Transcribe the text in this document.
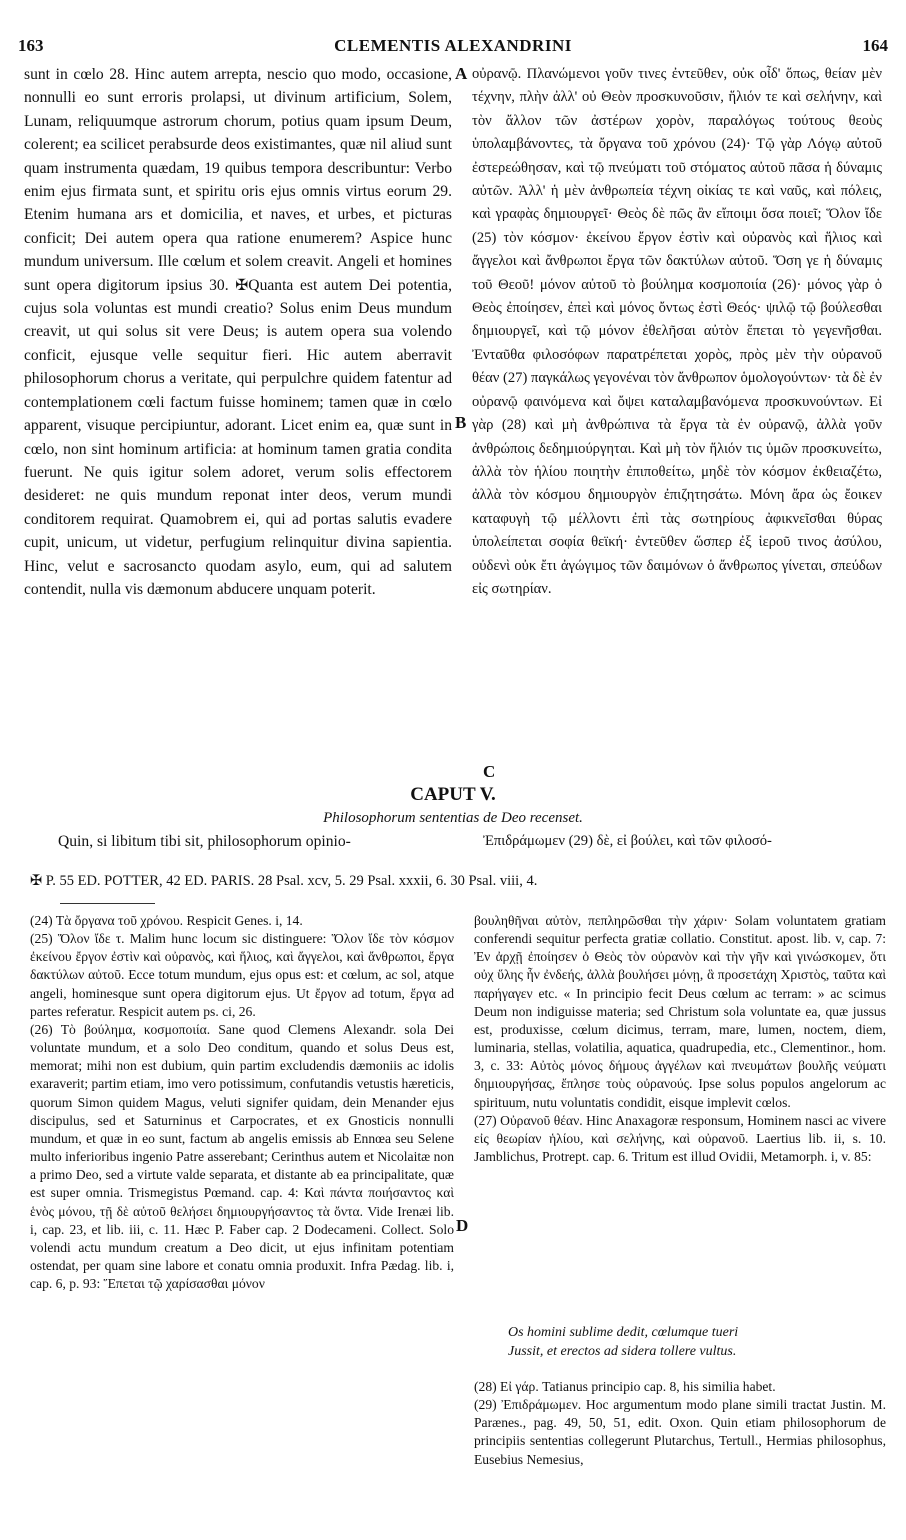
163	CLEMENTIS ALEXANDRINI	164
sunt in cœlo 28. Hinc autem arrepta, nescio quo modo, occasione, nonnulli eo sunt erroris prolapsi, ut divinum artificium, Solem, Lunam, reliquumque astrorum chorum, potius quam ipsum Deum, colerent; ea scilicet perabsurde deos existimantes, quæ nil aliud sunt quam instrumenta quædam, 19 quibus tempora describuntur: Verbo enim ejus firmata sunt, et spiritu oris ejus omnis virtus eorum 29. Etenim humana ars et domicilia, et naves, et urbes, et picturas conficit; Dei autem opera qua ratione enumerem? Aspice hunc mundum universum. Ille cœlum et solem creavit. Angeli et homines sunt opera digitorum ipsius 30. ✠Quanta est autem Dei potentia, cujus sola voluntas est mundi creatio? Solus enim Deus mundum creavit, ut qui solus sit vere Deus; is autem opera sua volendo conficit, ejusque velle sequitur fieri. Hic autem aberravit philosophorum chorus a veritate, qui perpulchre quidem fatentur ad contemplationem cœli factum fuisse hominem; tamen quæ in cœlo apparent, visuque percipiuntur, adorant. Licet enim ea, quæ sunt in cœlo, non sint hominum artificia: at hominum tamen gratia condita fuerunt. Ne quis igitur solem adoret, verum solis effectorem desideret: ne quis mundum reponat inter deos, verum mundi conditorem requirat. Quamobrem ei, qui ad portas salutis evadere cupit, unicum, ut videtur, perfugium relinquitur divina sapientia. Hinc, velut e sacrosancto quodam asylo, eum, qui ad salutem contendit, nulla vis dæmonum abducere unquam poterit.
οὐρανῷ. Πλανώμενοι γοῦν τινες ἐντεῦθεν, οὐκ οἶδ' ὅπως, θείαν μὲν τέχνην, πλὴν ἀλλ' οὐ Θεὸν προσκυνοῦσιν, ἥλιόν τε καὶ σελήνην, καὶ τὸν ἄλλον τῶν ἀστέρων χορὸν, παραλόγως τούτους θεοὺς ὑπολαμβάνοντες, τὰ ὄργανα τοῦ χρόνου (24)· Τῷ γὰρ Λόγῳ αὐτοῦ ἐστερεώθησαν, καὶ τῷ πνεύματι τοῦ στόματος αὐτοῦ πᾶσα ἡ δύναμις αὐτῶν. Ἀλλ' ἡ μὲν ἀνθρωπεία τέχνη οἰκίας τε καὶ ναῦς, καὶ πόλεις, καὶ γραφὰς δημιουργεῖ· Θεὸς δὲ πῶς ἂν εἴποιμι ὅσα ποιεῖ; Ὅλον ἴδε (25) τὸν κόσμον· ἐκείνου ἔργον ἐστὶν καὶ οὐρανὸς καὶ ἥλιος καὶ ἄγγελοι καὶ ἄνθρωποι ἔργα τῶν δακτύλων αὐτοῦ. Ὅση γε ἡ δύναμις τοῦ Θεοῦ! μόνον αὐτοῦ τὸ βούλημα κοσμοποιία (26)· μόνος γὰρ ὁ Θεὸς ἐποίησεν, ἐπεὶ καὶ μόνος ὄντως ἐστὶ Θεός· ψιλῷ τῷ βούλεσθαι δημιουργεῖ, καὶ τῷ μόνον ἐθελῆσαι αὐτὸν ἕπεται τὸ γεγενῆσθαι. Ἐνταῦθα φιλοσόφων παρατρέπεται χορὸς, πρὸς μὲν τὴν οὐρανοῦ θέαν (27) παγκάλως γεγονέναι τὸν ἄνθρωπον ὁμολογούντων· τὰ δὲ ἐν οὐρανῷ φαινόμενα καὶ ὄψει καταλαμβανόμενα προσκυνούντων. Εἰ γὰρ (28) καὶ μὴ ἀνθρώπινα τὰ ἔργα τὰ ἐν οὐρανῷ, ἀλλὰ γοῦν ἀνθρώποις δεδημιούργηται. Καὶ μὴ τὸν ἥλιόν τις ὑμῶν προσκυνείτω, ἀλλὰ τὸν ἡλίου ποιητὴν ἐπιποθείτω, μηδὲ τὸν κόσμον ἐκθειαζέτω, ἀλλὰ τὸν κόσμου δημιουργὸν ἐπιζητησάτω. Μόνη ἄρα ὡς ἔοικεν καταφυγὴ τῷ μέλλοντι ἐπὶ τὰς σωτηρίους ἀφικνεῖσθαι θύρας ὑπολείπεται σοφία θεϊκή· ἐντεῦθεν ὥσπερ ἐξ ἱεροῦ τινος ἀσύλου, οὐδενὶ οὐκ ἔτι ἀγώγιμος τῶν δαιμόνων ὁ ἄνθρωπος γίνεται, σπεύδων εἰς σωτηρίαν.
A
B
C
D
CAPUT V.
Philosophorum sententias de Deo recenset.
Quin, si libitum tibi sit, philosophorum opinio-	Ἐπιδράμωμεν (29) δὲ, εἰ βούλει, καὶ τῶν φιλοσό-
✠ P. 55 ED. POTTER, 42 ED. PARIS. 28 Psal. xcv, 5. 29 Psal. xxxii, 6. 30 Psal. viii, 4.
(24) Τὰ ὄργανα τοῦ χρόνου. Respicit Genes. i, 14.
(25) Ὅλον ἴδε τ. Malim hunc locum sic distinguere: Ὅλον ἴδε τὸν κόσμον ἐκείνου ἔργον ἐστὶν καὶ οὐρανὸς, καὶ ἥλιος, καὶ ἄγγελοι, καὶ ἄνθρωποι, ἔργα δακτύλων αὐτοῦ. Ecce totum mundum, ejus opus est: et cœlum, ac sol, atque angeli, hominesque sunt opera digitorum ejus. Ut ἔργον ad totum, ἔργα ad partes referatur. Respicit autem ps. ci, 26.
(26) Τὸ βούλημα, κοσμοποιία. Sane quod Clemens Alexandr. sola Dei voluntate mundum, et a solo Deo conditum, quando et solus Deus est, memorat; mihi non est dubium, quin partim excludendis dæmoniis ac idolis exaraverit; partim etiam, imo vero potissimum, confutandis vetustis hæreticis, quorum Simon quidem Magus, veluti signifer quidam, dein Menander ejus discipulus, sed et Saturninus et Carpocrates, et ex Gnosticis nonnulli mundum, et quæ in eo sunt, factum ab angelis emissis ab Ennœa seu Selene multo inferioribus ingenio Patre asserebant; Cerinthus autem et Nicolaitæ non a primo Deo, sed a virtute valde separata, et distante ab ea principalitate, quæ est super omnia. Trismegistus Pœmand. cap. 4: Καὶ πάντα ποιήσαντος καὶ ἑνὸς μόνου, τῇ δὲ αὐτοῦ θελήσει δημιουργήσαντος τὰ ὄντα. Vide Irenæi lib. i, cap. 23, et lib. iii, c. 11. Hæc P. Faber cap. 2 Dodecameni. Collect. Solo volendi actu mundum creatum a Deo dicit, ut ejus infinitam potentiam ostendat, per quam sine labore et conatu omnia produxit. Infra Pædag. lib. i, cap. 6, p. 93: Ἕπεται τῷ χαρίσασθαι μόνον
βουληθῆναι αὐτὸν, πεπληρῶσθαι τὴν χάριν· Solam voluntatem gratiam conferendi sequitur perfecta gratiæ collatio. Constitut. apost. lib. v, cap. 7: Ἐν ἀρχῇ ἐποίησεν ὁ Θεὸς τὸν οὐρανὸν καὶ τὴν γῆν καὶ γινώσκομεν, ὅτι οὐχ ὕλης ἦν ἐνδεής, ἀλλὰ βουλήσει μόνῃ, ἃ προσετάχη Χριστὸς, ταῦτα καὶ παρήγαγεν etc. « In principio fecit Deus cœlum ac terram: » ac scimus Deum non indiguisse materia; sed Christum sola voluntate ea, quæ jussus est, produxisse, cœlum dicimus, terram, mare, lumen, noctem, diem, luminaria, stellas, volatilia, aquatica, quadrupedia, etc., Clementinor., hom. 3, c. 33: Αὐτὸς μόνος δήμους ἀγγέλων καὶ πνευμάτων βουλῆς νεύματι δημιουργήσας, ἔπλησε τοὺς οὐρανούς. Ipse solus populos angelorum ac spirituum, nutu voluntatis condidit, eisque implevit cœlos.
(27) Οὐρανοῦ θέαν. Hinc Anaxagoræ responsum, Hominem nasci ac vivere εἰς θεωρίαν ἡλίου, καὶ σελήνης, καὶ οὐρανοῦ. Laertius lib. ii, s. 10. Jamblichus, Protrept. cap. 6. Tritum est illud Ovidii, Metamorph. i, v. 85:
Os homini sublime dedit, cœlumque tueri
Jussit, et erectos ad sidera tollere vultus.
(28) Εἰ γάρ. Tatianus principio cap. 8, his similia habet.
(29) Ἐπιδράμωμεν. Hoc argumentum modo plane simili tractat Justin. M. Parænes., pag. 49, 50, 51, edit. Oxon. Quin etiam philosophorum de principiis sententias collegerunt Plutarchus, Tertull., Hermias philosophus, Eusebius Nemesius,
